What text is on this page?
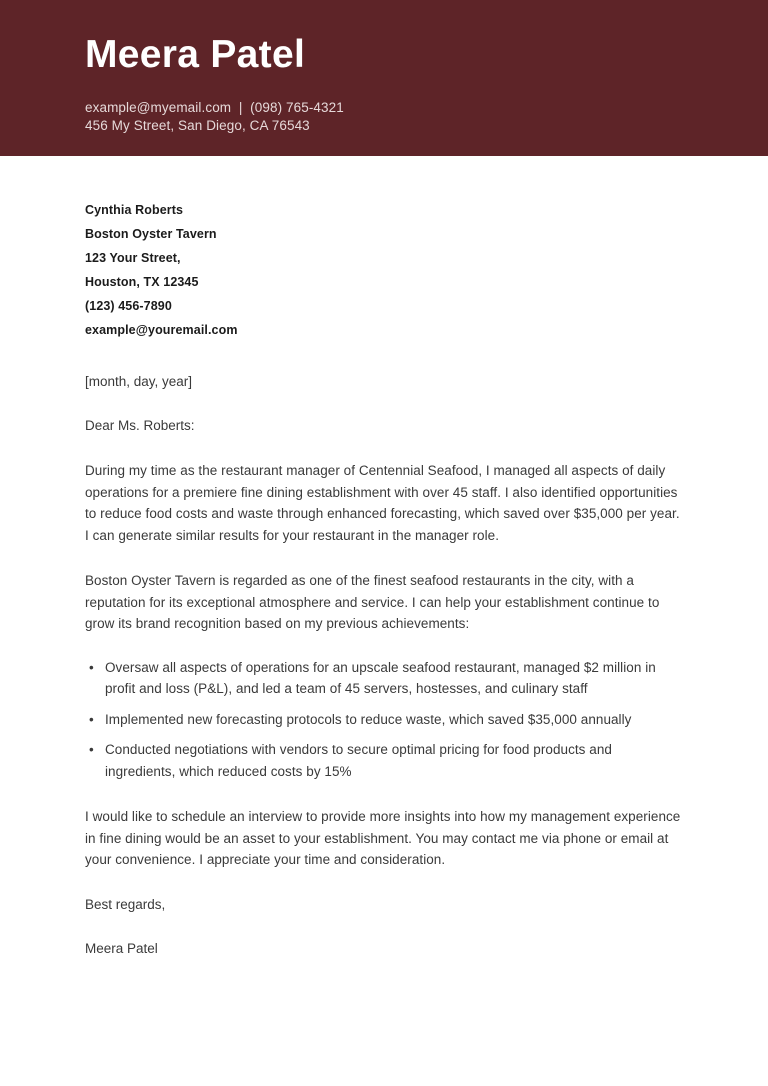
Meera Patel
example@myemail.com  |  (098) 765-4321
456 My Street, San Diego, CA 76543
Cynthia Roberts
Boston Oyster Tavern
123 Your Street,
Houston, TX 12345
(123) 456-7890
example@youremail.com
[month, day, year]
Dear Ms. Roberts:
During my time as the restaurant manager of Centennial Seafood, I managed all aspects of daily operations for a premiere fine dining establishment with over 45 staff. I also identified opportunities to reduce food costs and waste through enhanced forecasting, which saved over $35,000 per year. I can generate similar results for your restaurant in the manager role.
Boston Oyster Tavern is regarded as one of the finest seafood restaurants in the city, with a reputation for its exceptional atmosphere and service. I can help your establishment continue to grow its brand recognition based on my previous achievements:
• Oversaw all aspects of operations for an upscale seafood restaurant, managed $2 million in profit and loss (P&L), and led a team of 45 servers, hostesses, and culinary staff
• Implemented new forecasting protocols to reduce waste, which saved $35,000 annually
• Conducted negotiations with vendors to secure optimal pricing for food products and ingredients, which reduced costs by 15%
I would like to schedule an interview to provide more insights into how my management experience in fine dining would be an asset to your establishment. You may contact me via phone or email at your convenience. I appreciate your time and consideration.
Best regards,
Meera Patel
